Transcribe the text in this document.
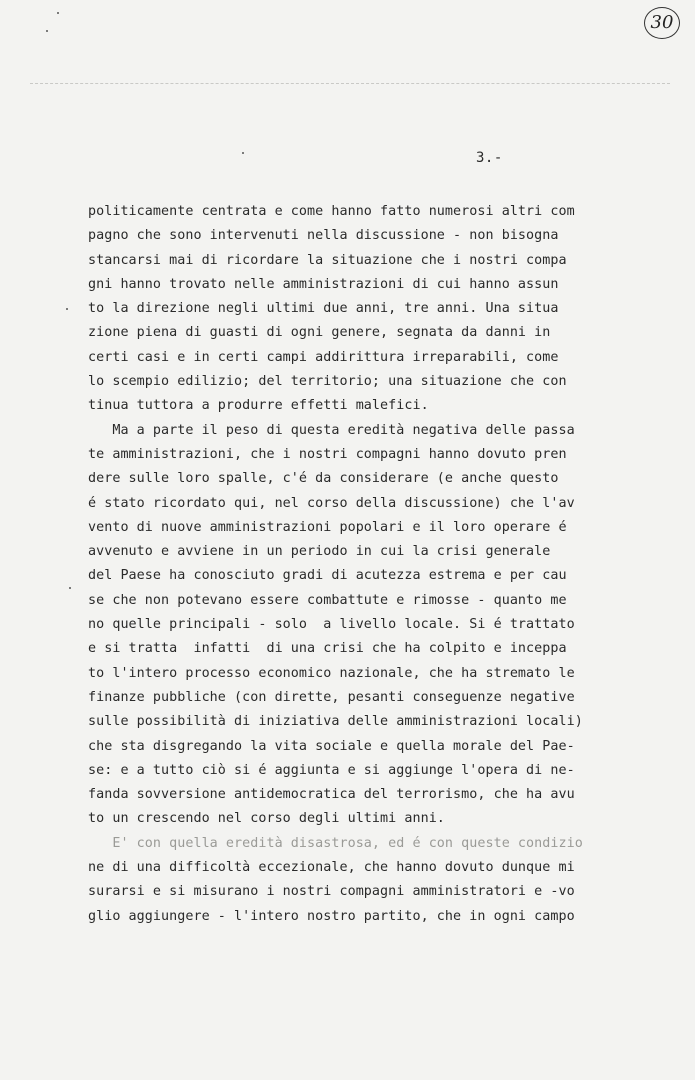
30
3.-
politicamente centrata e come hanno fatto numerosi altri com
pagno che sono intervenuti nella discussione - non bisogna
stancarsi mai di ricordare la situazione che i nostri compa
gni hanno trovato nelle amministrazioni di cui hanno assun
to la direzione negli ultimi due anni, tre anni. Una situa
zione piena di guasti di ogni genere, segnata da danni in
certi casi e in certi campi addirittura irreparabili, come
lo scempio edilizio; del territorio; una situazione che con
tinua tuttora a produrre effetti malefici.
Ma a parte il peso di questa eredità negativa delle passa
te amministrazioni, che i nostri compagni hanno dovuto pren
dere sulle loro spalle, c'é da considerare (e anche questo
é stato ricordato qui, nel corso della discussione) che l'av
vento di nuove amministrazioni popolari e il loro operare é
avvenuto e avviene in un periodo in cui la crisi generale
del Paese ha conosciuto gradi di acutezza estrema e per cau
se che non potevano essere combattute e rimosse - quanto me
no quelle principali - solo  a livello locale. Si é trattato
e si tratta  infatti  di una crisi che ha colpito e inceppa
to l'intero processo economico nazionale, che ha stremato le
finanze pubbliche (con dirette, pesanti conseguenze negative
sulle possibilità di iniziativa delle amministrazioni locali)
che sta disgregando la vita sociale e quella morale del Pae-
se: e a tutto ciò si é aggiunta e si aggiunge l'opera di ne-
fanda sovversione antidemocratica del terrorismo, che ha avu
to un crescendo nel corso degli ultimi anni.
E' con quella eredità disastrosa, ed é con queste condizio
ne di una difficoltà eccezionale, che hanno dovuto dunque mi
surarsi e si misurano i nostri compagni amministratori e -vo
glio aggiungere - l'intero nostro partito, che in ogni campo
